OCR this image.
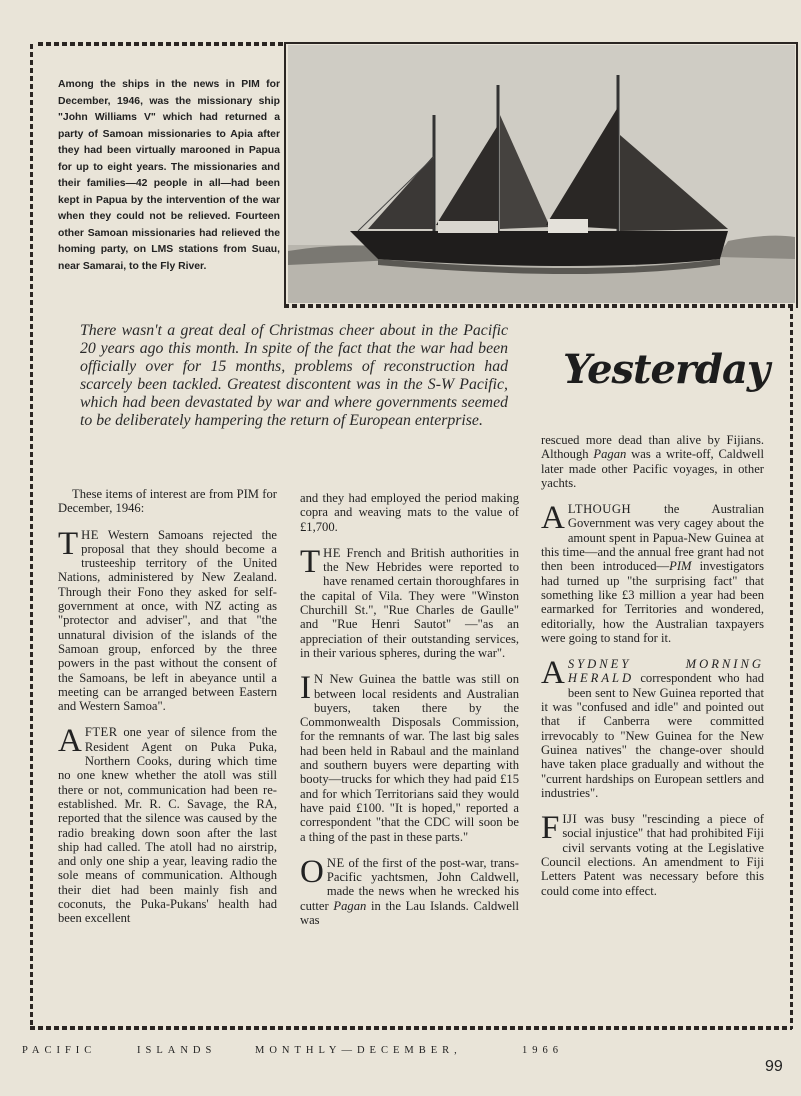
Among the ships in the news in PIM for December, 1946, was the missionary ship "John Williams V" which had returned a party of Samoan missionaries to Apia after they had been virtually marooned in Papua for up to eight years. The missionaries and their families—42 people in all—had been kept in Papua by the intervention of the war when they could not be relieved. Fourteen other Samoan missionaries had relieved the homing party, on LMS stations from Suau, near Samarai, to the Fly River.
There wasn't a great deal of Christmas cheer about in the Pacific 20 years ago this month. In spite of the fact that the war had been officially over for 15 months, problems of reconstruction had scarcely been tackled. Greatest discontent was in the S-W Pacific, which had been devastated by war and where governments seemed to be deliberately hampering the return of European enterprise.
Yesterday

These items of interest are from PIM for December, 1946:

THE Western Samoans rejected the proposal that they should become a trusteeship territory of the United Nations, administered by New Zealand. Through their Fono they asked for self-government at once, with NZ acting as "protector and adviser", and that "the unnatural division of the islands of the Samoan group, enforced by the three powers in the past without the consent of the Samoans, be left in abeyance until a meeting can be arranged between Eastern and Western Samoa".

AFTER one year of silence from the Resident Agent on Puka Puka, Northern Cooks, during which time no one knew whether the atoll was still there or not, communication had been re-established. Mr. R. C. Savage, the RA, reported that the silence was caused by the radio breaking down soon after the last ship had called. The atoll had no airstrip, and only one ship a year, leaving radio the sole means of communication. Although their diet had been mainly fish and coconuts, the Puka-Pukans' health had been excellent

and they had employed the period making copra and weaving mats to the value of £1,700.

THE French and British authorities in the New Hebrides were reported to have renamed certain thoroughfares in the capital of Vila. They were "Winston Churchill St.", "Rue Charles de Gaulle" and "Rue Henri Sautot" —"as an appreciation of their outstanding services, in their various spheres, during the war".

I N New Guinea the battle was still on between local residents and Australian buyers, taken there by the Commonwealth Disposals Commission, for the remnants of war. The last big sales had been held in Rabaul and the mainland and southern buyers were departing with booty—trucks for which they had paid £15 and for which Territorians said they would have paid £100. "It is hoped," reported a correspondent "that the CDC will soon be a thing of the past in these parts."

ONE of the first of the post-war, trans-Pacific yachtsmen, John Caldwell, made the news when he wrecked his cutter Pagan in the Lau Islands. Caldwell was

rescued more dead than alive by Fijians. Although Pagan was a write-off, Caldwell later made other Pacific voyages, in other yachts.

ALTHOUGH the Australian Government was very cagey about the amount spent in Papua-New Guinea at this time—and the annual free grant had not then been introduced—PIM investigators had turned up "the surprising fact" that something like £3 million a year had been earmarked for Territories and wondered, editorially, how the Australian taxpayers were going to stand for it.

ASYDNEY MORNING HERALD correspondent who had been sent to New Guinea reported that it was "confused and idle" and pointed out that if Canberra were committed irrevocably to "New Guinea for the New Guinea natives" the change-over should have taken place gradually and without the "current hardships on European settlers and industries".

FIJI was busy "rescinding a piece of social injustice" that had prohibited Fiji civil servants voting at the Legislative Council elections. An amendment to Fiji Letters Patent was necessary before this could come into effect.

PACIFIC	ISLANDS	MONTHLY—DECEMBER,	1966
99
